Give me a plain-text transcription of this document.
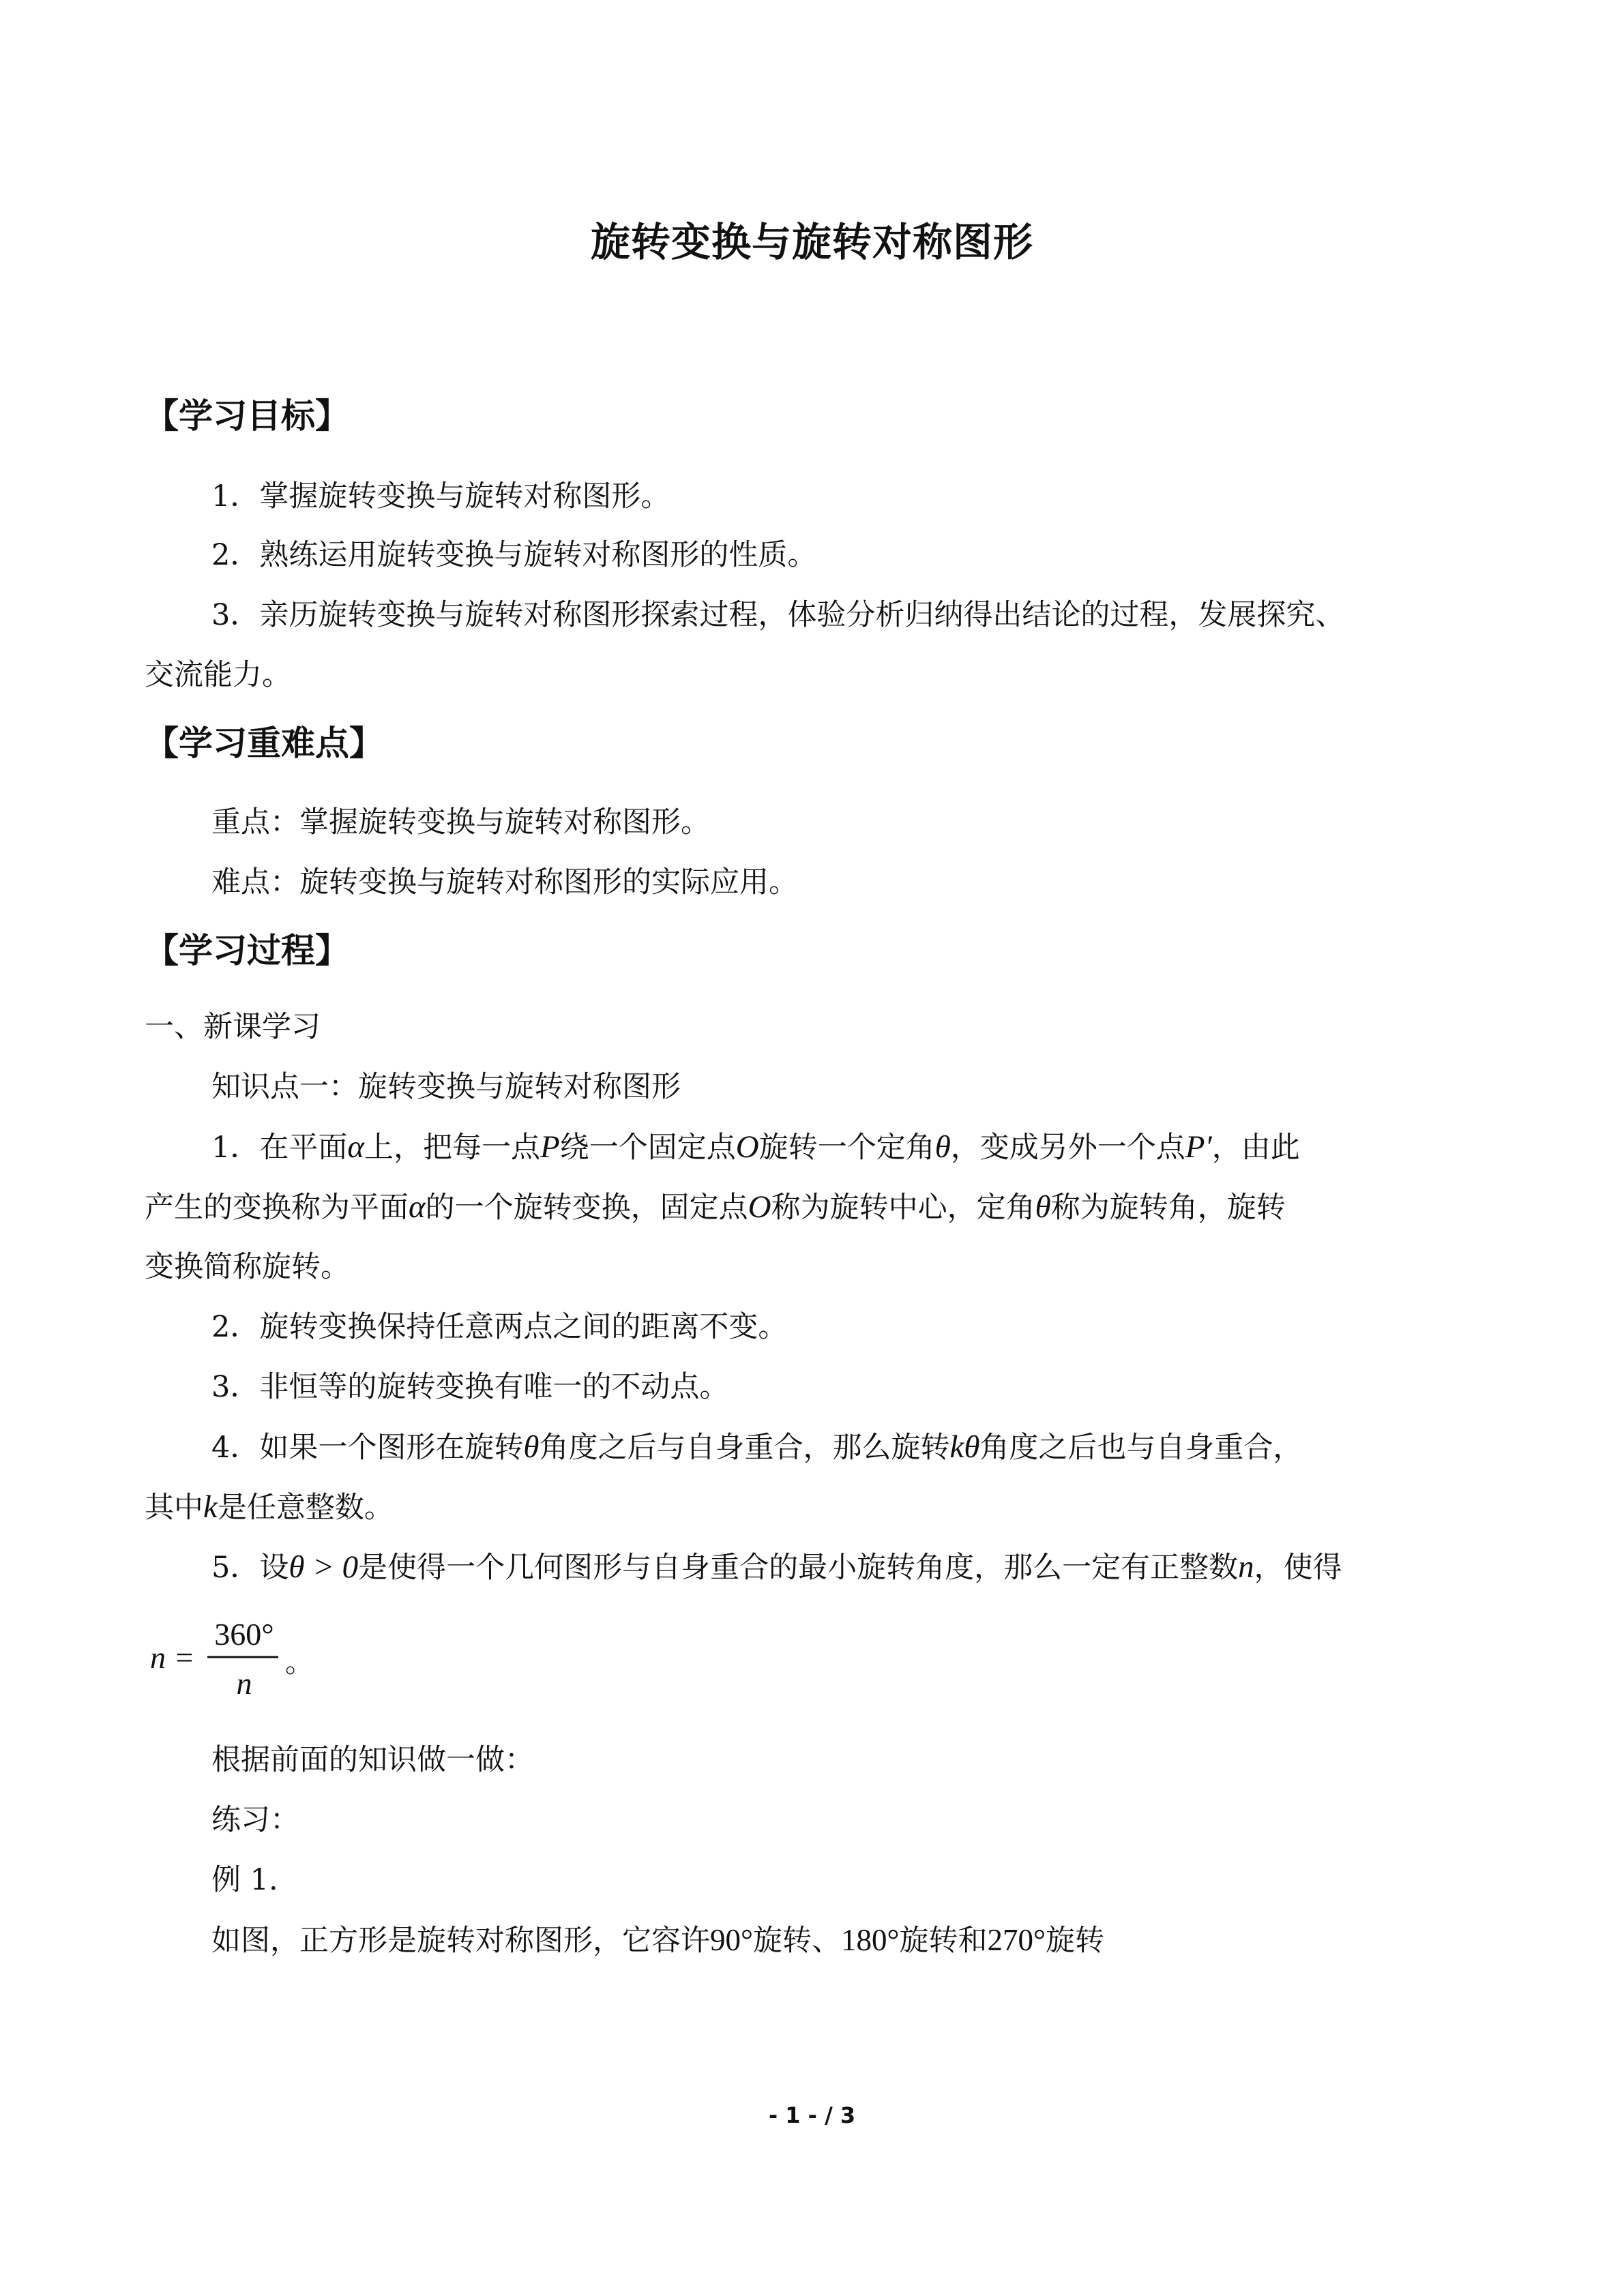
旋转变换与旋转对称图形
【学习目标】
1．掌握旋转变换与旋转对称图形。
2．熟练运用旋转变换与旋转对称图形的性质。
3．亲历旋转变换与旋转对称图形探索过程，体验分析归纳得出结论的过程，发展探究、
交流能力。
【学习重难点】
重点：掌握旋转变换与旋转对称图形。
难点：旋转变换与旋转对称图形的实际应用。
【学习过程】
一、新课学习
知识点一：旋转变换与旋转对称图形
1．在平面α上，把每一点P绕一个固定点O旋转一个定角θ，变成另外一个点P′，由此
产生的变换称为平面α的一个旋转变换，固定点O称为旋转中心，定角θ称为旋转角，旋转
变换简称旋转。
2．旋转变换保持任意两点之间的距离不变。
3．非恒等的旋转变换有唯一的不动点。
4．如果一个图形在旋转θ角度之后与自身重合，那么旋转kθ角度之后也与自身重合，
其中k是任意整数。
5．设θ > 0是使得一个几何图形与自身重合的最小旋转角度，那么一定有正整数n，使得
n =
360°
n
。
根据前面的知识做一做：
练习：
例 1.
如图，正方形是旋转对称图形，它容许90°旋转、180°旋转和270°旋转
- 1 - / 3
